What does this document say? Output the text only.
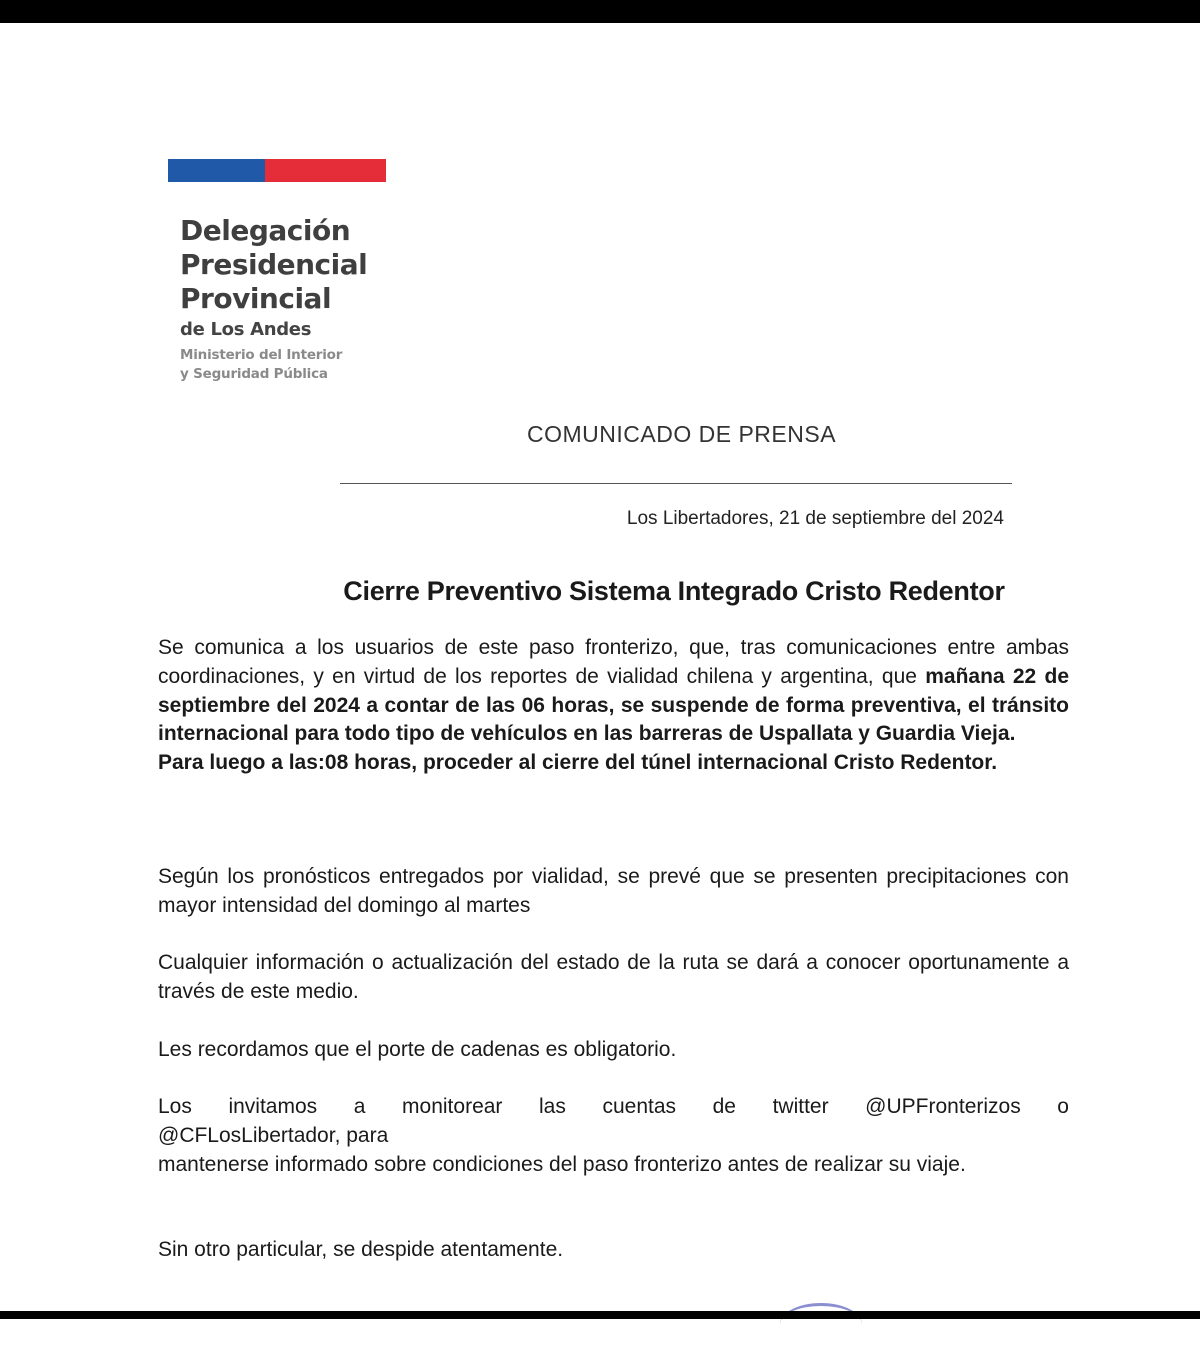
Delegación
Presidencial
Provincial
de Los Andes
Ministerio del Interior
y Seguridad Pública
COMUNICADO DE PRENSA
Los Libertadores, 21 de septiembre del 2024
Cierre Preventivo Sistema Integrado Cristo Redentor
Se comunica a los usuarios de este paso fronterizo, que, tras comunicaciones entre ambas coordinaciones, y en virtud de los reportes de vialidad chilena y argentina, que mañana 22 de septiembre del 2024 a contar de las 06 horas, se suspende de forma preventiva, el tránsito internacional para todo tipo de vehículos en las barreras de Uspallata y Guardia Vieja.
Para luego a las:08 horas, proceder al cierre del túnel internacional Cristo Redentor.
Según los pronósticos entregados por vialidad, se prevé que se presenten precipitaciones con mayor intensidad del domingo al martes
Cualquier información o actualización del estado de la ruta se dará a conocer oportunamente a través de este medio.
Les recordamos que el porte de cadenas es obligatorio.
Los invitamos a monitorear las cuentas de twitter @UPFronterizos o
@CFLosLibertador, para
mantenerse informado sobre condiciones del paso fronterizo antes de realizar su viaje.
Sin otro particular, se despide atentamente.
